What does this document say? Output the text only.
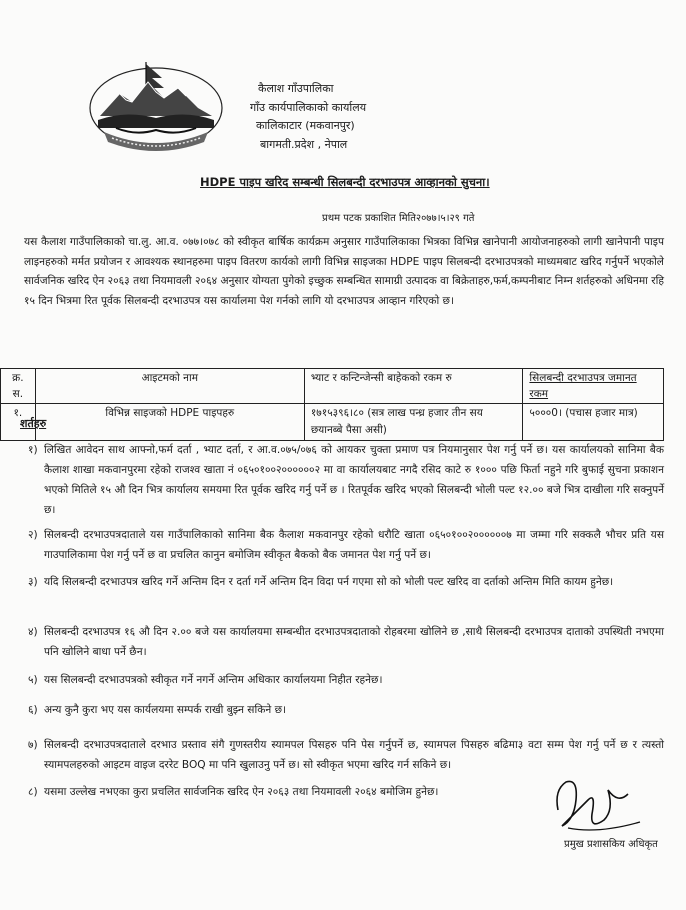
कैलाश गाँउपालिका
गाँउ कार्यपालिकाको कार्यालय
कालिकाटार (मकवानपुर)
बागमती.प्रदेश , नेपाल
HDPE पाइप खरिद सम्बन्धी सिलबन्दी दरभाउपत्र आव्हानको सुचना।
प्रथम पटक प्रकाशित मिति२०७७।५।२९ गते
यस कैलाश गाउँपालिकाको चा.लु. आ.व. ०७७।०७८ को स्वीकृत बार्षिक कार्यक्रम अनुसार गाउँपालिकाका भित्रका विभिन्न खानेपानी आयोजनाहरुको लागी खानेपानी पाइप लाइनहरुको मर्मत प्रयोजन र आवश्यक स्थानहरुमा पाइप वितरण कार्यको लागी विभिन्न साइजका HDPE पाइप सिलबन्दी दरभाउपत्रको माध्यमबाट खरिद गर्नुपर्ने भएकोले सार्वजनिक खरिद ऐन २०६३ तथा नियमावली २०६४ अनुसार योग्यता पुगेको इच्छुक सम्बन्धित सामाग्री उत्पादक वा बिक्रेताहरु,फर्म,कम्पनीबाट निम्न शर्तहरुको अधिनमा रहि १५ दिन भित्रमा रित पूर्वक सिलबन्दी दरभाउपत्र यस कार्यालमा पेश गर्नको लागि यो दरभाउपत्र आव्हान गरिएको छ।
क्र. स.	आइटमको नाम	भ्याट र कन्टिन्जेन्सी बाहेकको रकम रु	सिलबन्दी दरभाउपत्र जमानत रकम
१.	विभिन्न साइजको HDPE पाइपहरु	१७१५३९६।८० (सत्र लाख पन्ध्र हजार तीन सय छयानब्बे पैसा असी)	५०००0। (पचास हजार मात्र)
शर्तहरु
१) लिखित आवेदन साथ आफ्नो,फर्म दर्ता , भ्याट दर्ता, र आ.व.०७५/०७६ को आयकर चुक्ता प्रमाण पत्र नियमानुसार पेश गर्नु पर्ने छ। यस कार्यालयको सानिमा बैक कैलाश शाखा मकवानपुरमा रहेको राजश्व खाता नं ०६५०१००२००००००२ मा वा कार्यालयबाट नगदै रसिद काटे रु १००० पछि फिर्ता नहुने गरि बुफाई सुचना प्रकाशन भएको मितिले १५ औ दिन भित्र कार्यालय समयमा रित पूर्वक खरिद गर्नु पर्ने छ । रितपूर्वक खरिद भएको सिलबन्दी भोली पल्ट १२.०० बजे भित्र दाखीला गरि सक्नुपर्ने छ।
२) सिलबन्दी दरभाउपत्रदाताले यस गाउँपालिकाको सानिमा बैक कैलाश मकवानपुर रहेको धरौटि खाता ०६५०१००२००००००७ मा जम्मा गरि सक्कलै भौचर प्रति यस गाउपालिकामा पेश गर्नु पर्ने छ वा प्रचलित कानुन बमोजिम स्वीकृत बैकको बैक जमानत पेश गर्नु पर्ने छ।
३) यदि सिलबन्दी दरभाउपत्र खरिद गर्ने अन्तिम दिन र दर्ता गर्ने अन्तिम दिन विदा पर्न गएमा सो को भोली पल्ट खरिद वा दर्ताको अन्तिम मिति कायम हुनेछ।
४) सिलबन्दी दरभाउपत्र १६ औ दिन २.०० बजे यस कार्यालयमा सम्बन्धीत दरभाउपत्रदाताको रोहबरमा खोलिने छ ,साथै सिलबन्दी दरभाउपत्र दाताको उपस्थिती नभएमा पनि खोलिने बाधा पर्ने छैन।
५) यस सिलबन्दी दरभाउपत्रको स्वीकृत गर्ने नगर्ने अन्तिम अधिकार कार्यालयमा निहीत रहनेछ।
६) अन्य कुनै कुरा भए यस कार्यलयमा सम्पर्क राखी बुझ्न सकिने छ।
७) सिलबन्दी दरभाउपत्रदाताले दरभाउ प्रस्ताव संगै गुणस्तरीय स्यामपल पिसहरु पनि पेस गर्नुपर्ने छ, स्यामपल पिसहरु बढिमा३ वटा सम्म पेश गर्नु पर्ने छ र त्यस्तो स्यामपलहरुको आइटम वाइज दररेट BOQ मा पनि खुलाउनु पर्ने छ। सो स्वीकृत भएमा खरिद गर्न सकिने छ।
८) यसमा उल्लेख नभएका कुरा प्रचलित सार्वजनिक खरिद ऐन २०६३ तथा नियमावली २०६४ बमोजिम हुनेछ।
प्रमुख प्रशासकिय अधिकृत
